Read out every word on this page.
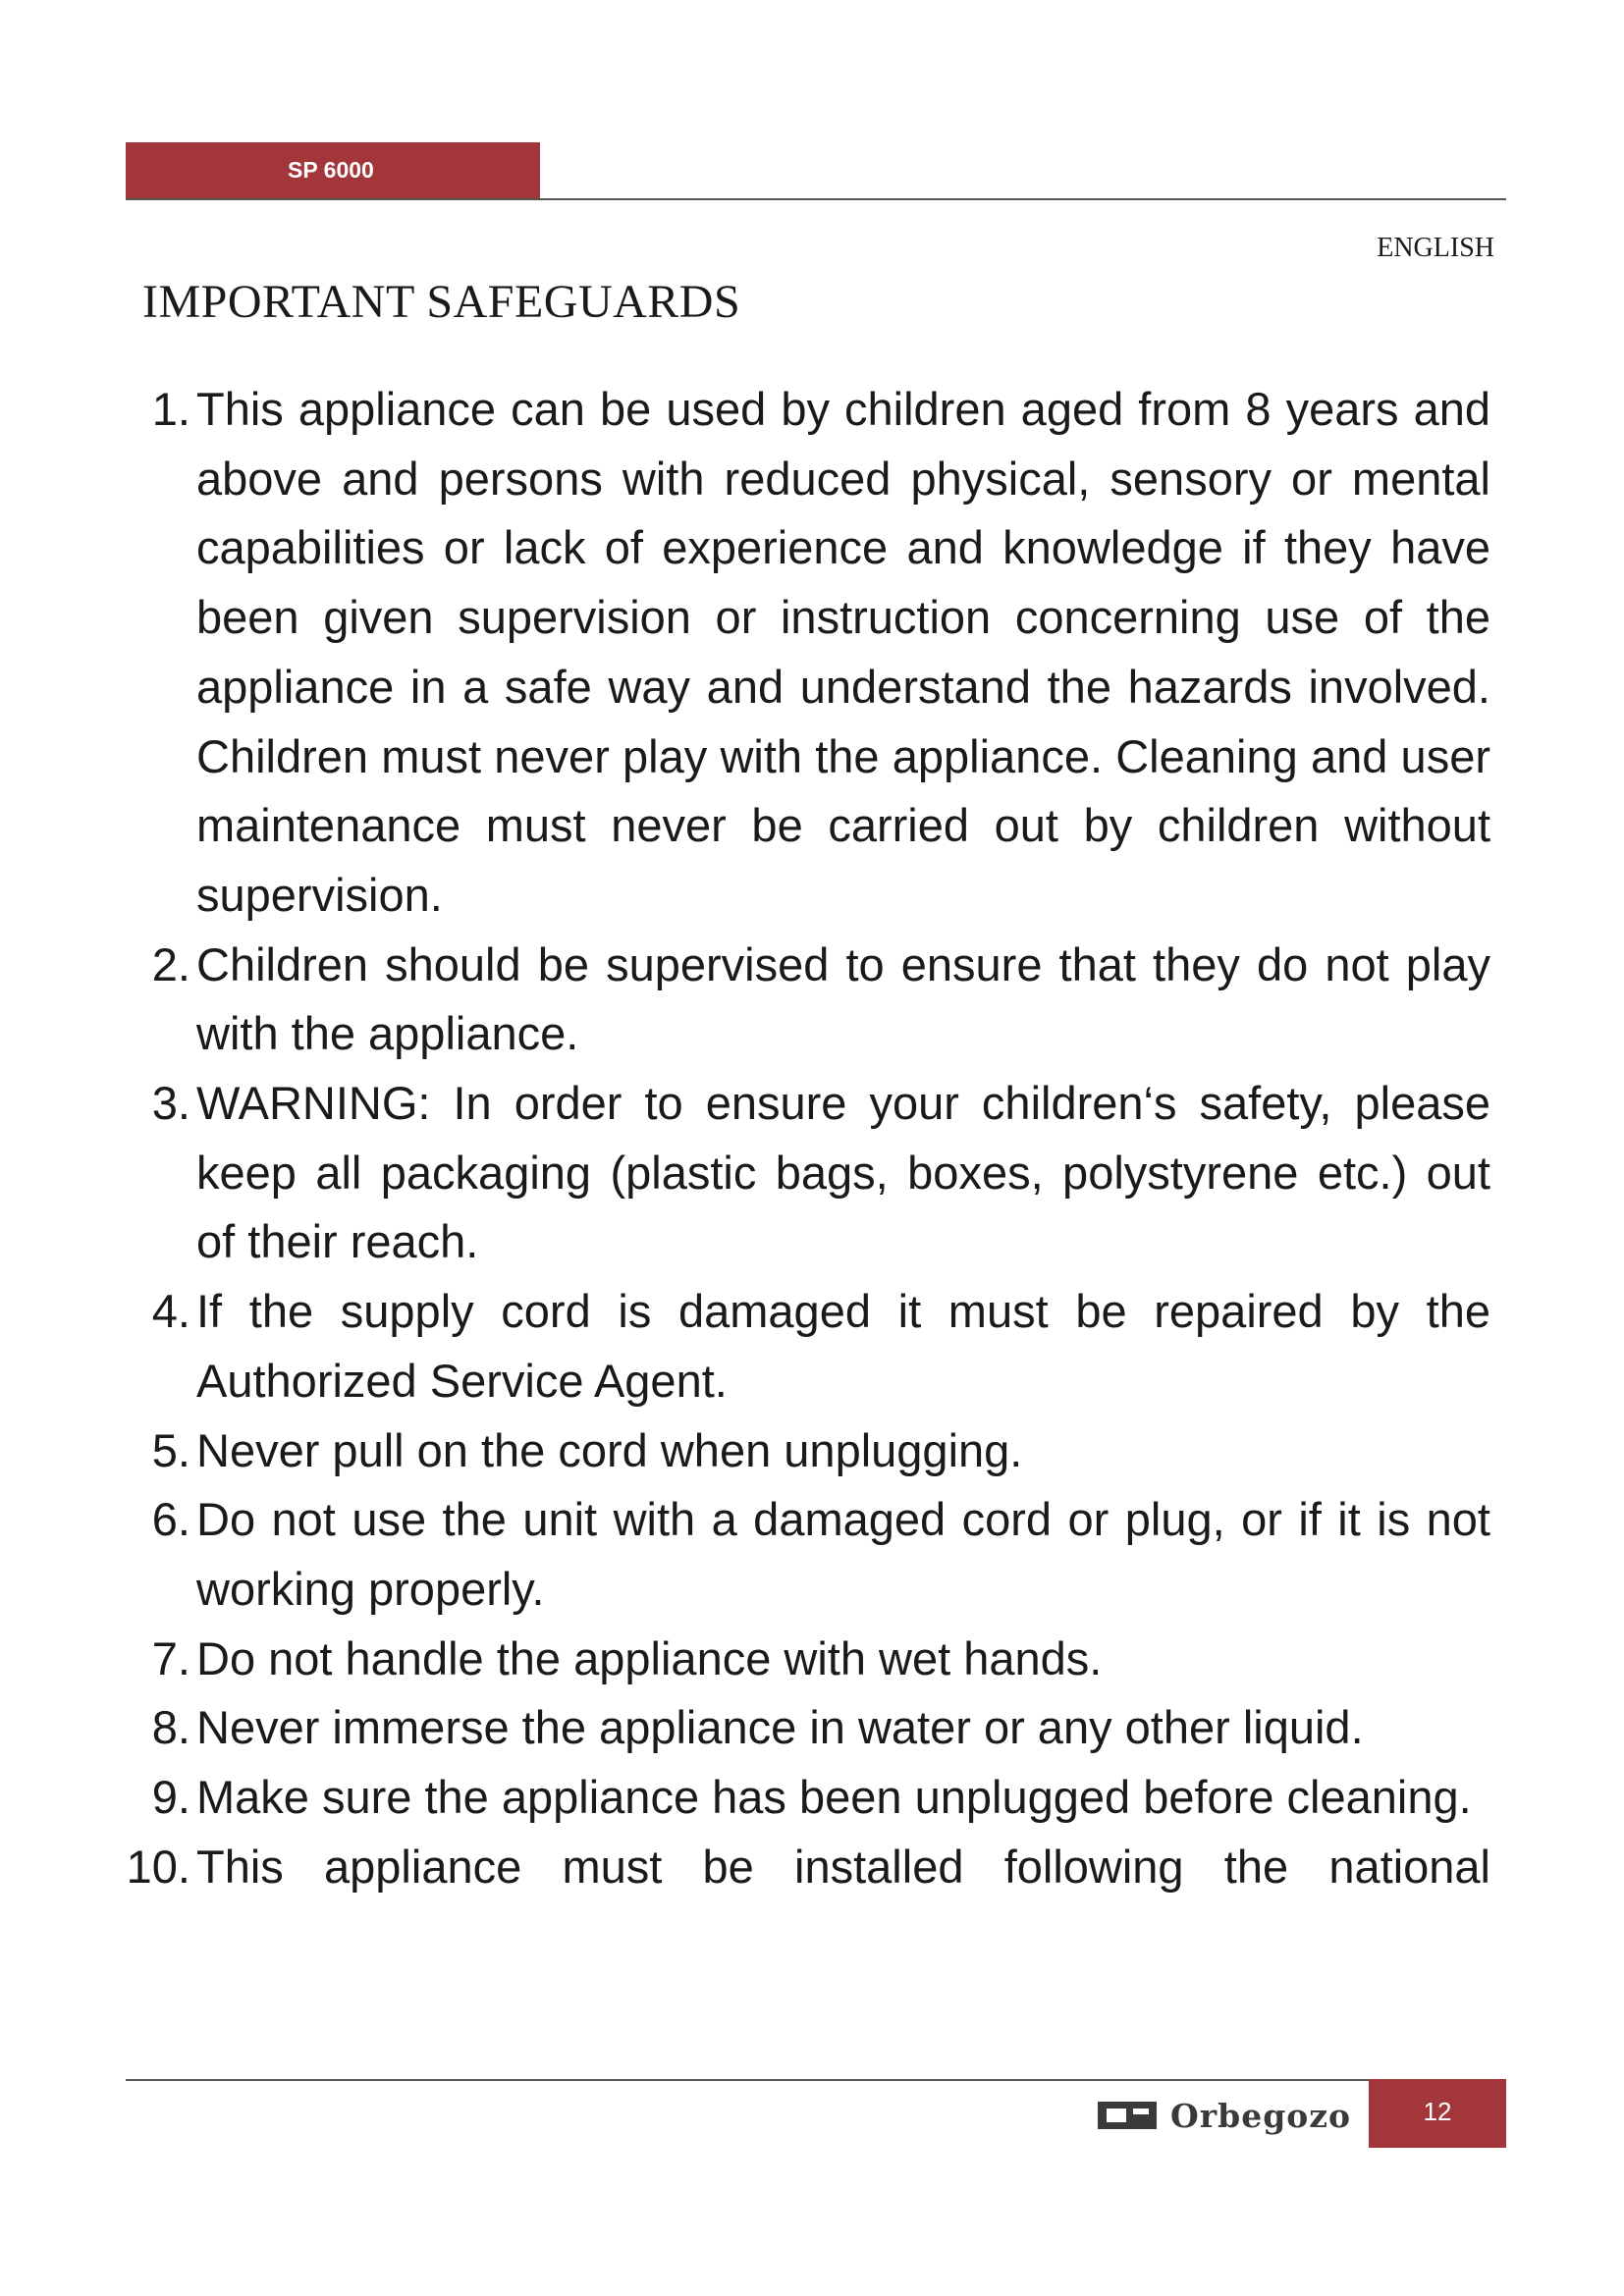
SP 6000
ENGLISH
IMPORTANT SAFEGUARDS
1. This appliance can be used by children aged from 8 years and above and persons with reduced physical, sensory or mental capabilities or lack of experience and knowledge if they have been given supervision or instruction concerning use of the appliance in a safe way and understand the hazards involved. Children must never play with the appliance. Cleaning and user maintenance must never be carried out by children without supervision.
2. Children should be supervised to ensure that they do not play with the appliance.
3. WARNING: In order to ensure your children‘s safety, please keep all packaging (plastic bags, boxes, polystyrene etc.) out of their reach.
4. If the supply cord is damaged it must be repaired by the Authorized Service Agent.
5. Never pull on the cord when unplugging.
6. Do not use the unit with a damaged cord or plug, or if it is not working properly.
7. Do not handle the appliance with wet hands.
8. Never immerse the appliance in water or any other liquid.
9. Make sure the appliance has been unplugged before cleaning.
10. This appliance must be installed following the national
Orbegozo	12
